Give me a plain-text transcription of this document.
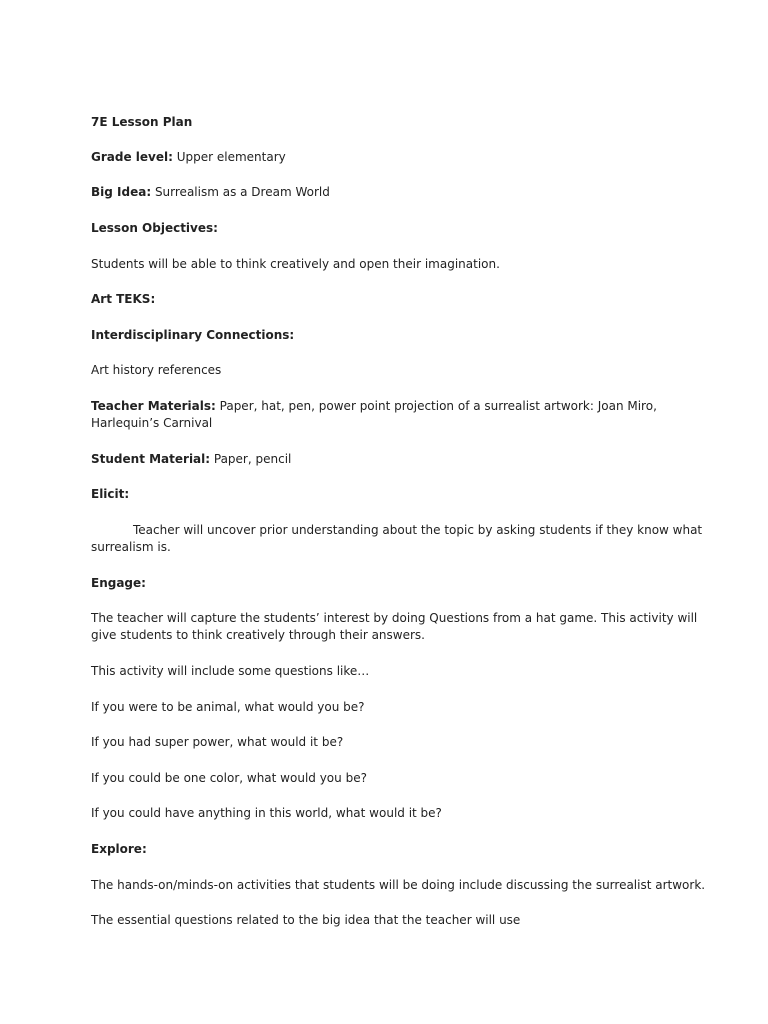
7E Lesson Plan
Grade level: Upper elementary
Big Idea: Surrealism as a Dream World
Lesson Objectives:
Students will be able to think creatively and open their imagination.
Art TEKS:
Interdisciplinary Connections:
Art history references
Teacher Materials: Paper, hat, pen, power point projection of a surrealist artwork: Joan Miro,
Harlequin’s Carnival
Student Material: Paper, pencil
Elicit:
Teacher will uncover prior understanding about the topic by asking students if they know what
surrealism is.
Engage:
The teacher will capture the students’ interest by doing Questions from a hat game. This activity will
give students to think creatively through their answers.
This activity will include some questions like…
If you were to be animal, what would you be?
If you had super power, what would it be?
If you could be one color, what would you be?
If you could have anything in this world, what would it be?
Explore:
The hands-on/minds-on activities that students will be doing include discussing the surrealist artwork.
The essential questions related to the big idea that the teacher will use
